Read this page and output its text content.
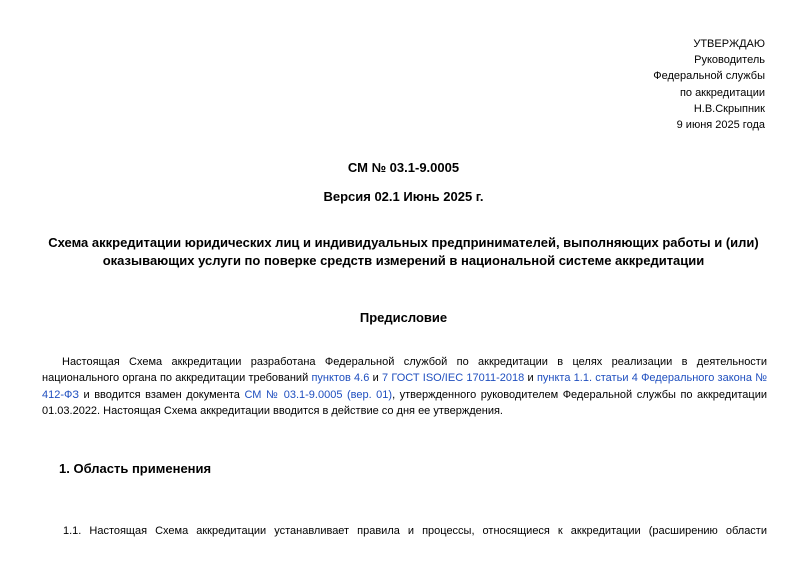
УТВЕРЖДАЮ
Руководитель
Федеральной службы
по аккредитации
Н.В.Скрыпник
9 июня 2025 года
СМ № 03.1-9.0005
Версия 02.1 Июнь 2025 г.
Схема аккредитации юридических лиц и индивидуальных предпринимателей, выполняющих работы и (или) оказывающих услуги по поверке средств измерений в национальной системе аккредитации
Предисловие
Настоящая Схема аккредитации разработана Федеральной службой по аккредитации в целях реализации в деятельности национального органа по аккредитации требований пунктов 4.6 и 7 ГОСТ ISO/IEC 17011-2018 и пункта 1.1. статьи 4 Федерального закона № 412-ФЗ и вводится взамен документа СМ № 03.1-9.0005 (вер. 01), утвержденного руководителем Федеральной службы по аккредитации 01.03.2022. Настоящая Схема аккредитации вводится в действие со дня ее утверждения.
1. Область применения
1.1. Настоящая Схема аккредитации устанавливает правила и процессы, относящиеся к аккредитации (расширению области
